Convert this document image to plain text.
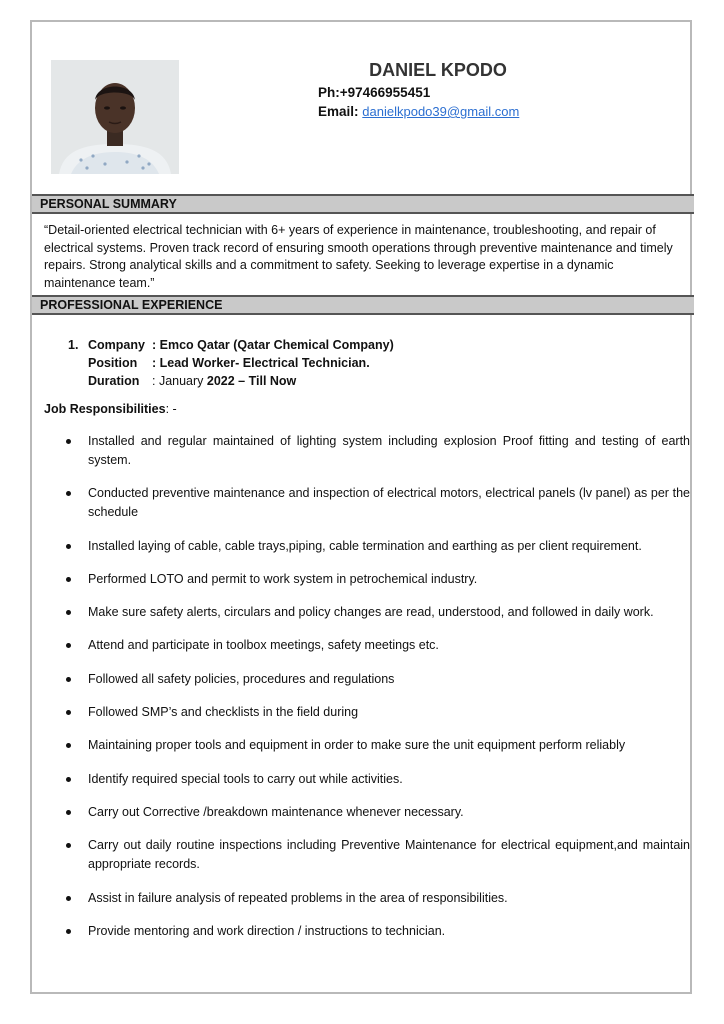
DANIEL KPODO
Ph:+97466955451
Email: danielkpodo39@gmail.com
PERSONAL SUMMARY
“Detail-oriented electrical technician with 6+ years of experience in maintenance, troubleshooting, and repair of electrical systems. Proven track record of ensuring smooth operations through preventive maintenance and timely repairs. Strong analytical skills and a commitment to safety. Seeking to leverage expertise in a dynamic maintenance team.”
PROFESSIONAL EXPERIENCE
1. Company : Emco Qatar (Qatar Chemical Company)
Position : Lead Worker- Electrical Technician.
Duration : January 2022 – Till Now
Job Responsibilities: -
Installed and regular maintained of lighting system including explosion Proof fitting and testing of earth system.
Conducted preventive maintenance and inspection of electrical motors, electrical panels (lv panel) as per the schedule
Installed laying of cable, cable trays,piping, cable termination and earthing as per client requirement.
Performed LOTO and permit to work system in petrochemical industry.
Make sure safety alerts, circulars and policy changes are read, understood, and followed in daily work.
Attend and participate in toolbox meetings, safety meetings etc.
Followed all safety policies, procedures and regulations
Followed SMP’s and checklists in the field during
Maintaining proper tools and equipment in order to make sure the unit equipment perform reliably
Identify required special tools to carry out while activities.
Carry out Corrective /breakdown maintenance whenever necessary.
Carry out daily routine inspections including Preventive Maintenance for electrical equipment,and maintain appropriate records.
Assist in failure analysis of repeated problems in the area of responsibilities.
Provide mentoring and work direction / instructions to technician.
